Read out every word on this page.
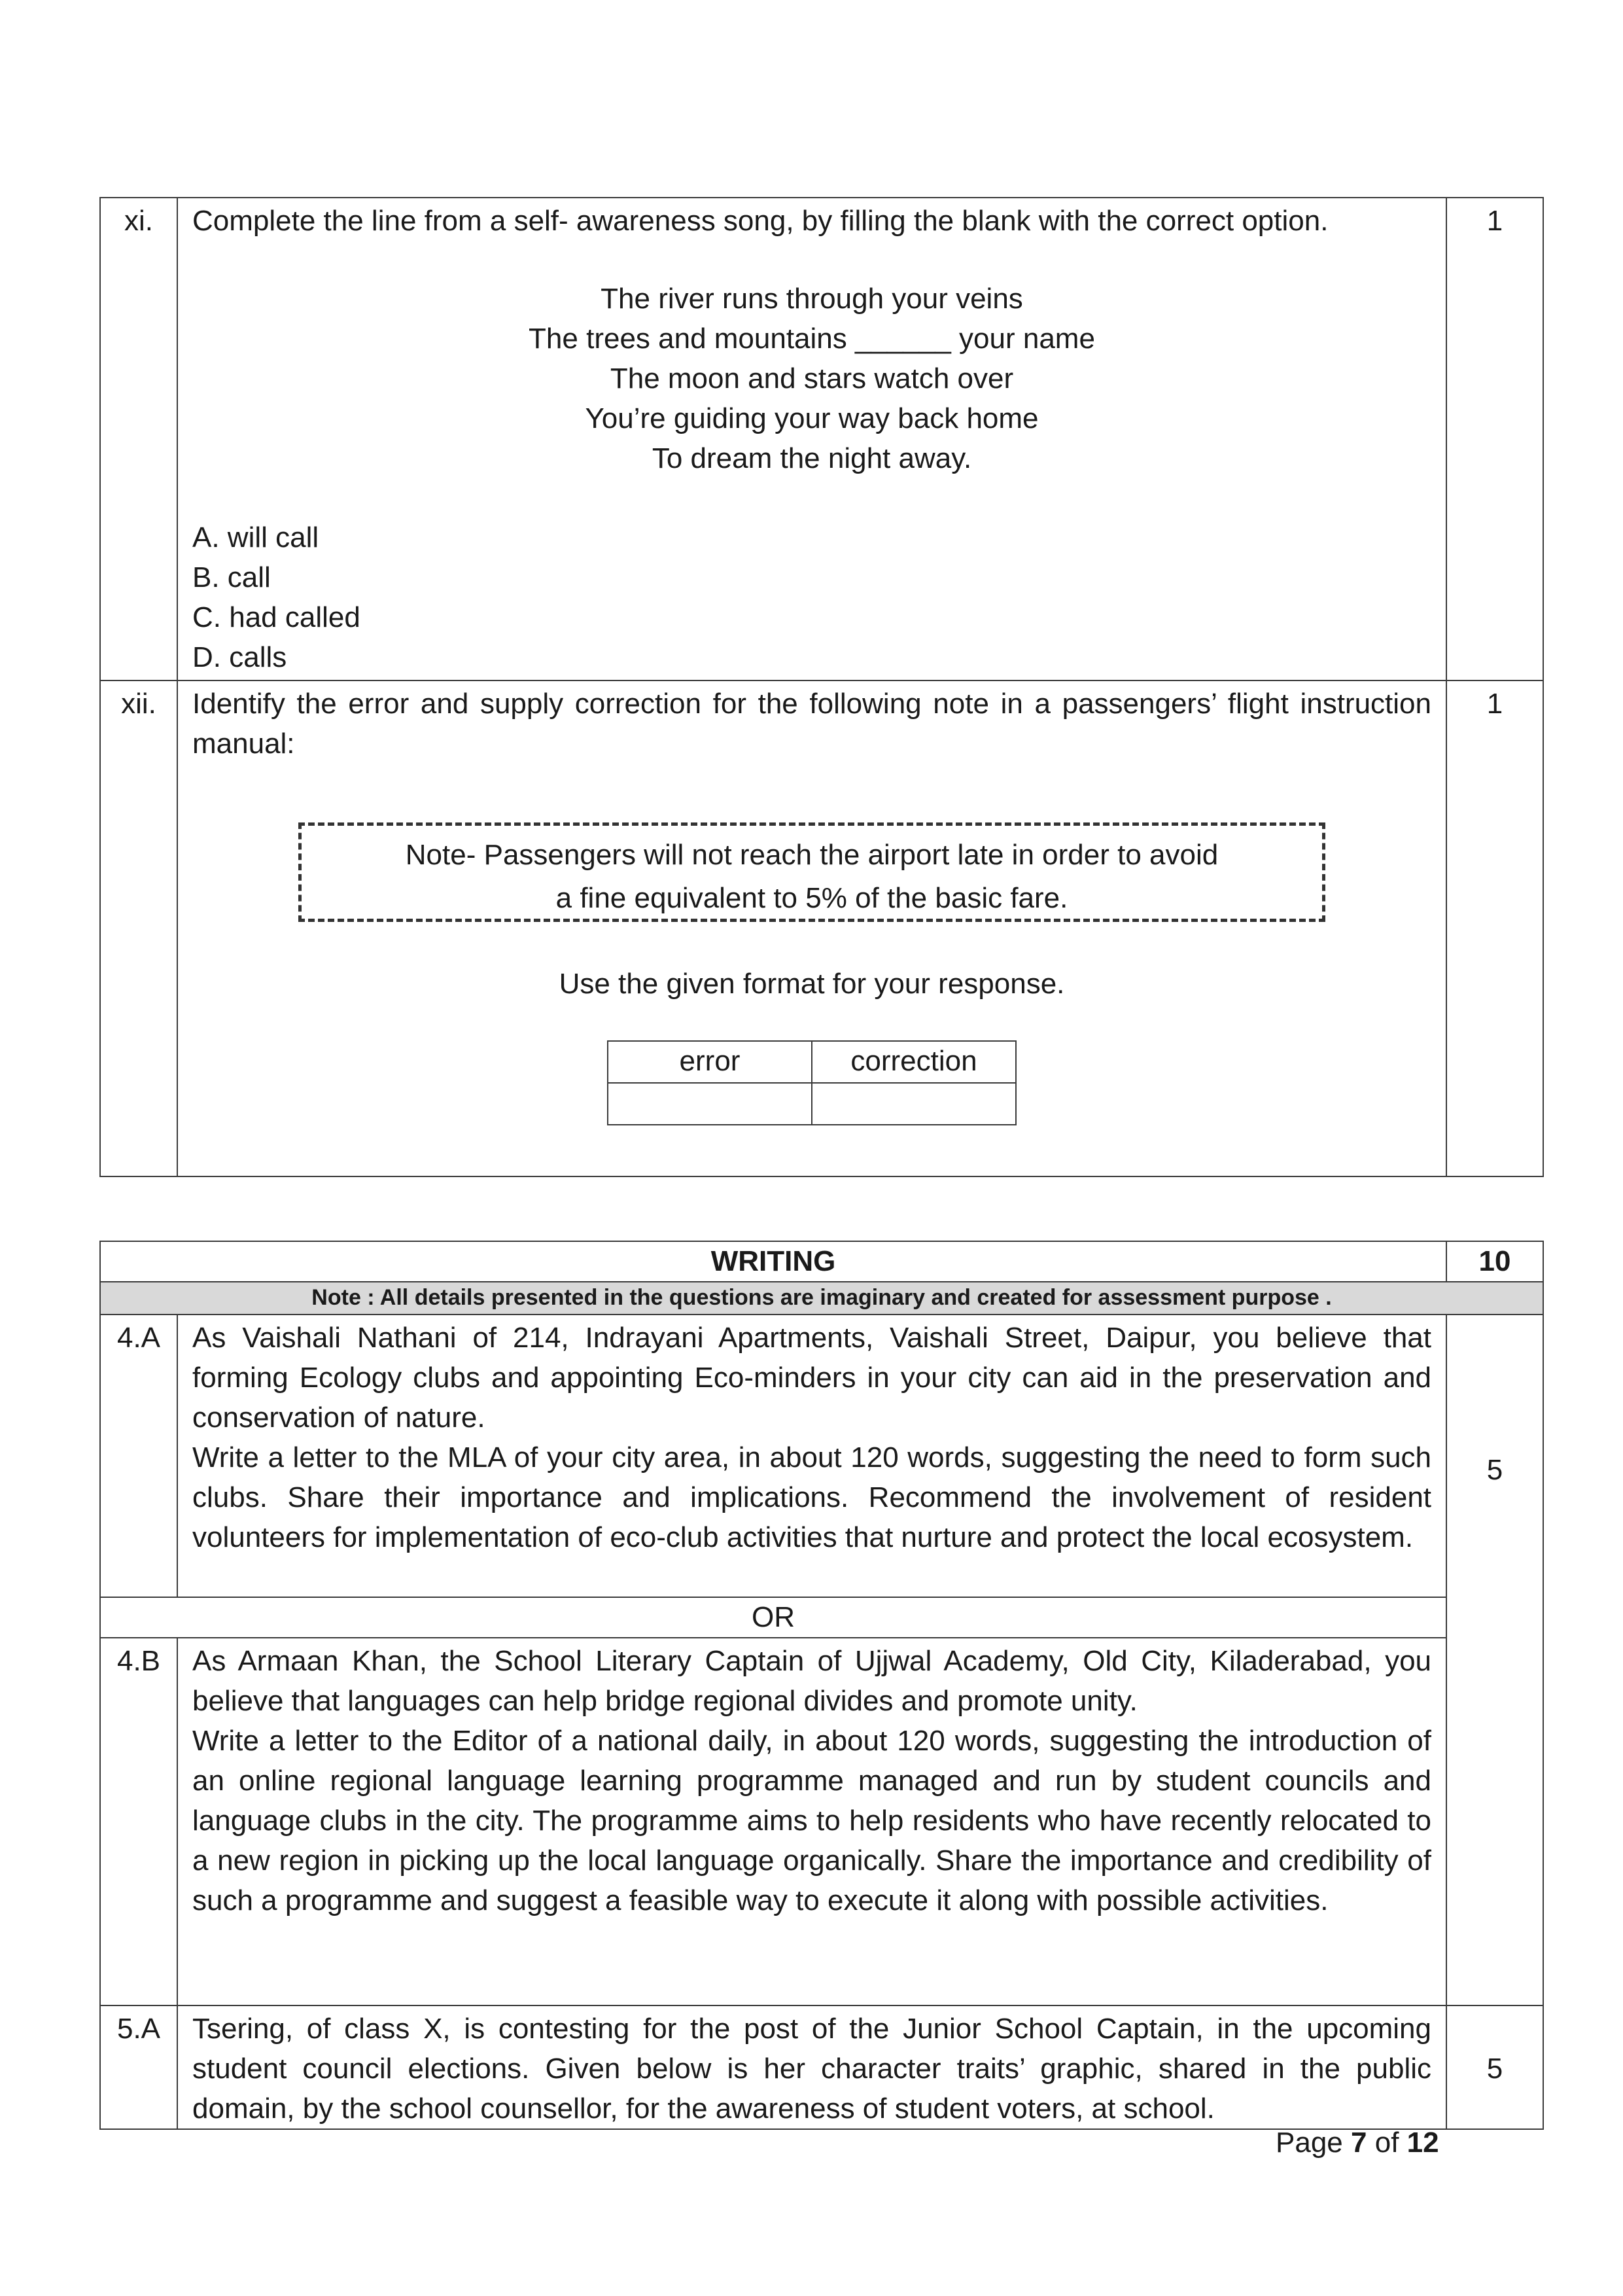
xi.	Complete the line from a self- awareness song, by filling the blank with the correct option.
The river runs through your veins
The trees and mountains ______ your name
The moon and stars watch over
You’re guiding your way back home
To dream the night away.
A. will call
B. call
C. had called
D. calls
	1
xii.	Identify the error and supply correction for the following note in a passengers’ flight instruction manual:
Note- Passengers will not reach the airport late in order to avoid
a fine equivalent to 5% of the basic fare.
Use the given format for your response.
error	correction

	1
WRITING		10
Note : All details presented in the questions are imaginary and created for assessment purpose .		
4.A	As Vaishali Nathani of 214, Indrayani Apartments, Vaishali Street, Daipur, you believe that forming Ecology clubs and appointing Eco-minders in your city can aid in the preservation and conservation of nature.
Write a letter to the MLA of your city area, in about 120 words, suggesting the need to form such clubs. Share their importance and implications. Recommend the involvement of resident volunteers for implementation of eco-club activities that nurture and protect the local ecosystem.	5
OR		
4.B	As Armaan Khan, the School Literary Captain of Ujjwal Academy, Old City, Kiladerabad, you believe that languages can help bridge regional divides and promote unity.
Write a letter to the Editor of a national daily, in about 120 words, suggesting the introduction of an online regional language learning programme managed and run by student councils and language clubs in the city. The programme aims to help residents who have recently relocated to a new region in picking up the local language organically. Share the importance and credibility of such a programme and suggest a feasible way to execute it along with possible activities.	

5.A	Tsering, of class X, is contesting for the post of the Junior School Captain, in the upcoming student council elections. Given below is her character traits’ graphic, shared in the public domain, by the school counsellor, for the awareness of student voters, at school.	5
Page 7 of 12
